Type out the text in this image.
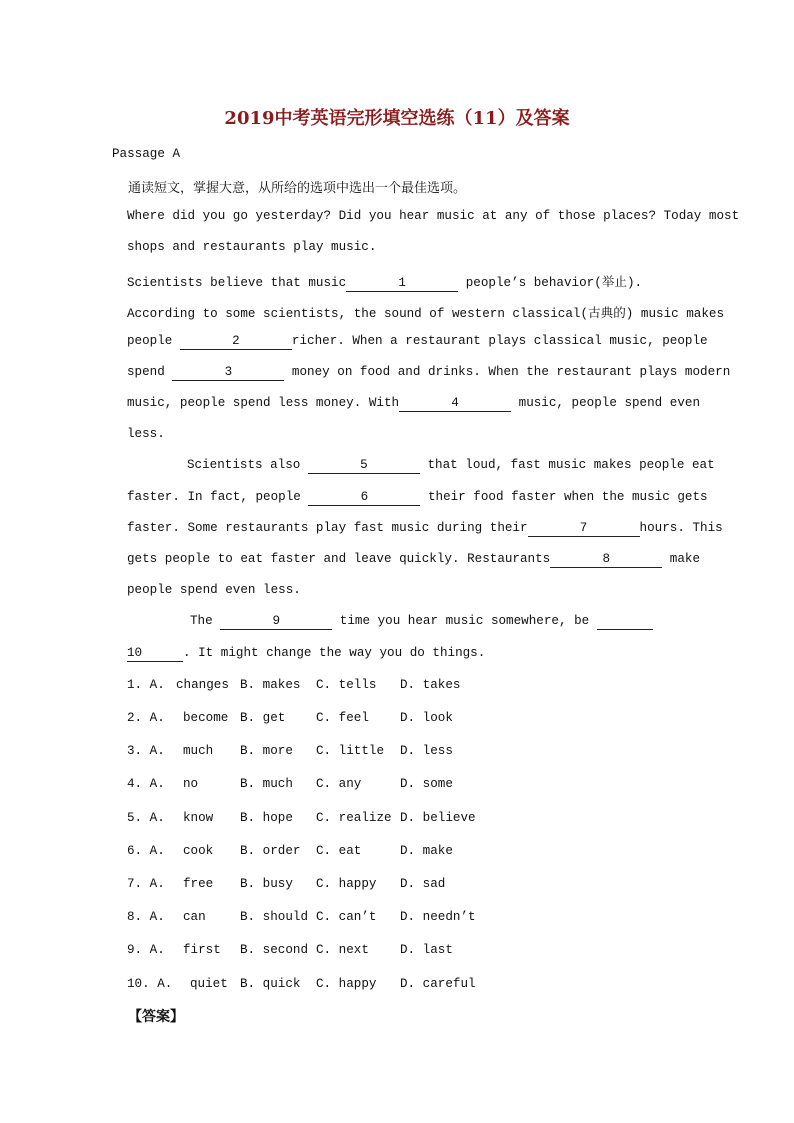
2019中考英语完形填空选练（11）及答案
Passage A
通读短文，掌握大意，从所给的选项中选出一个最佳选项。
Where did you go yesterday? Did you hear music at any of those places? Today most
shops and restaurants play music.
Scientists believe that music	1	people’s behavior(举止).
According to some scientists, the sound of western classical(古典的) music makes
people	2	richer. When a restaurant plays classical music, people
spend	3	money on food and drinks. When the restaurant plays modern
music, people spend less money. With	4	music, people spend even
less.
Scientists also	5	that loud, fast music makes people eat
faster. In fact, people	6	their food faster when the music gets
faster. Some restaurants play fast music during their	7	hours. This
gets people to eat faster and leave quickly. Restaurants	8	make
people spend even less.
The	9	time you hear music somewhere, be
10	. It might change the way you do things.
1. A. changes B. makes C. tells D. takes
2. A. become B. get C. feel D. look
3. A. much B. more C. little D. less
4. A. no	B. much C. any	D. some
5. A. know B. hope C. realize D. believe
6. A. cook B. order C. eat	D. make
7. A. free B. busy C. happy D. sad
8. A. can	B. should C. can’t D. needn’t
9. A. first B. second C. next D. last
10. A. quiet B. quick C. happy D. careful
【答案】
